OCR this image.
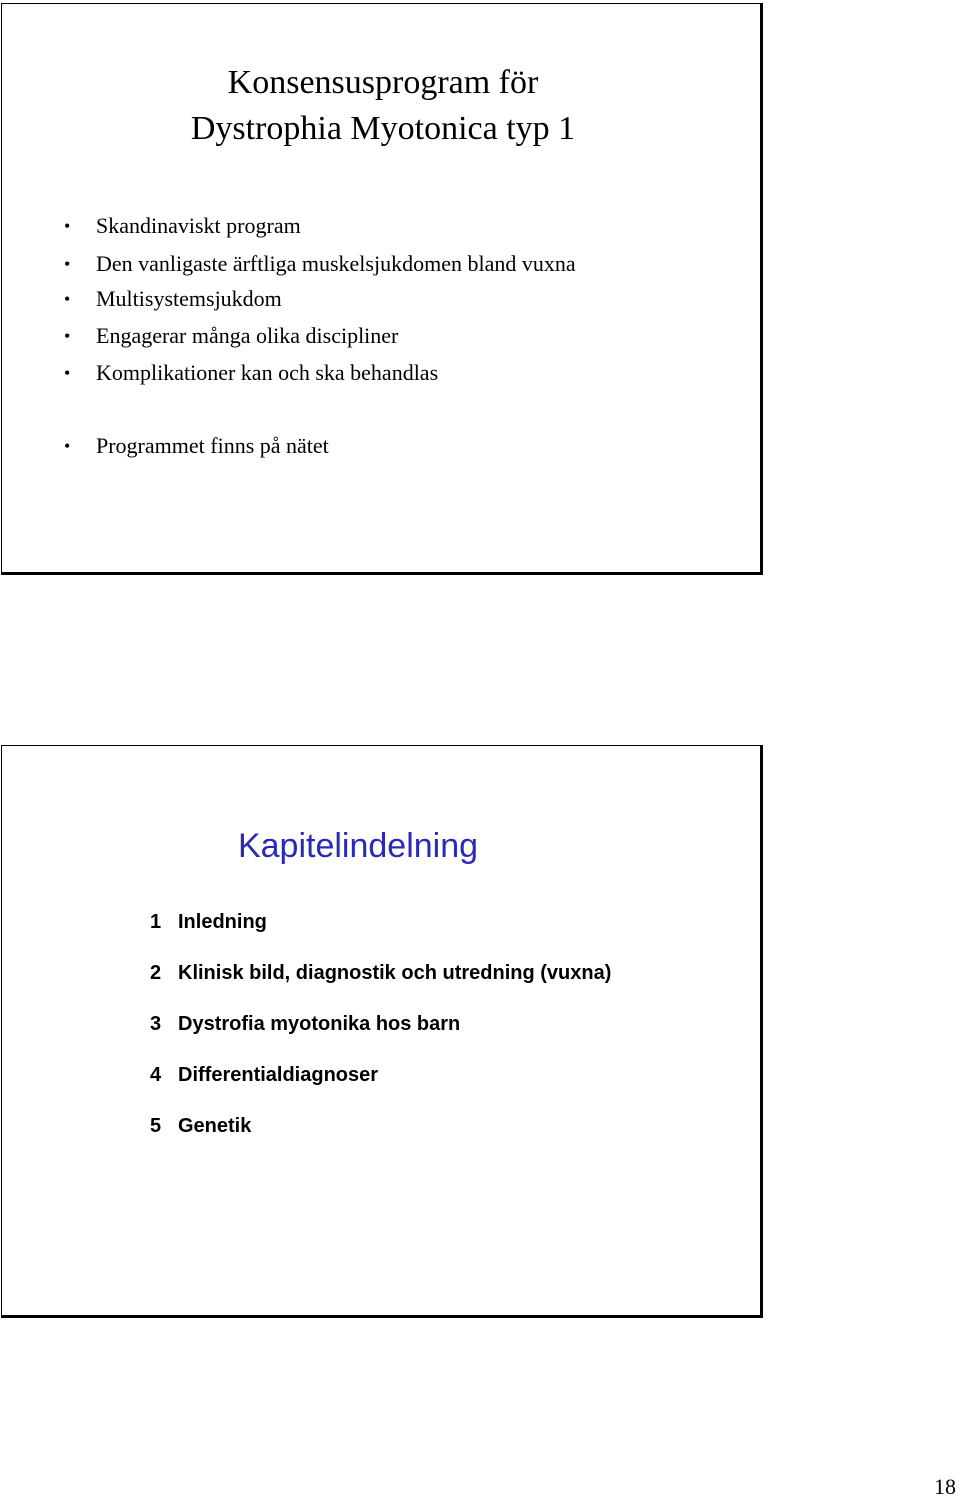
Konsensusprogram för
Dystrophia Myotonica typ 1
• Skandinaviskt program
• Den vanligaste ärftliga muskelsjukdomen bland vuxna
• Multisystemsjukdom
• Engagerar många olika discipliner
• Komplikationer kan och ska behandlas
• Programmet finns på nätet
Kapitelindelning
1 Inledning
2 Klinisk bild, diagnostik och utredning (vuxna)
3 Dystrofia myotonika hos barn
4 Differentialdiagnoser
5 Genetik
18
